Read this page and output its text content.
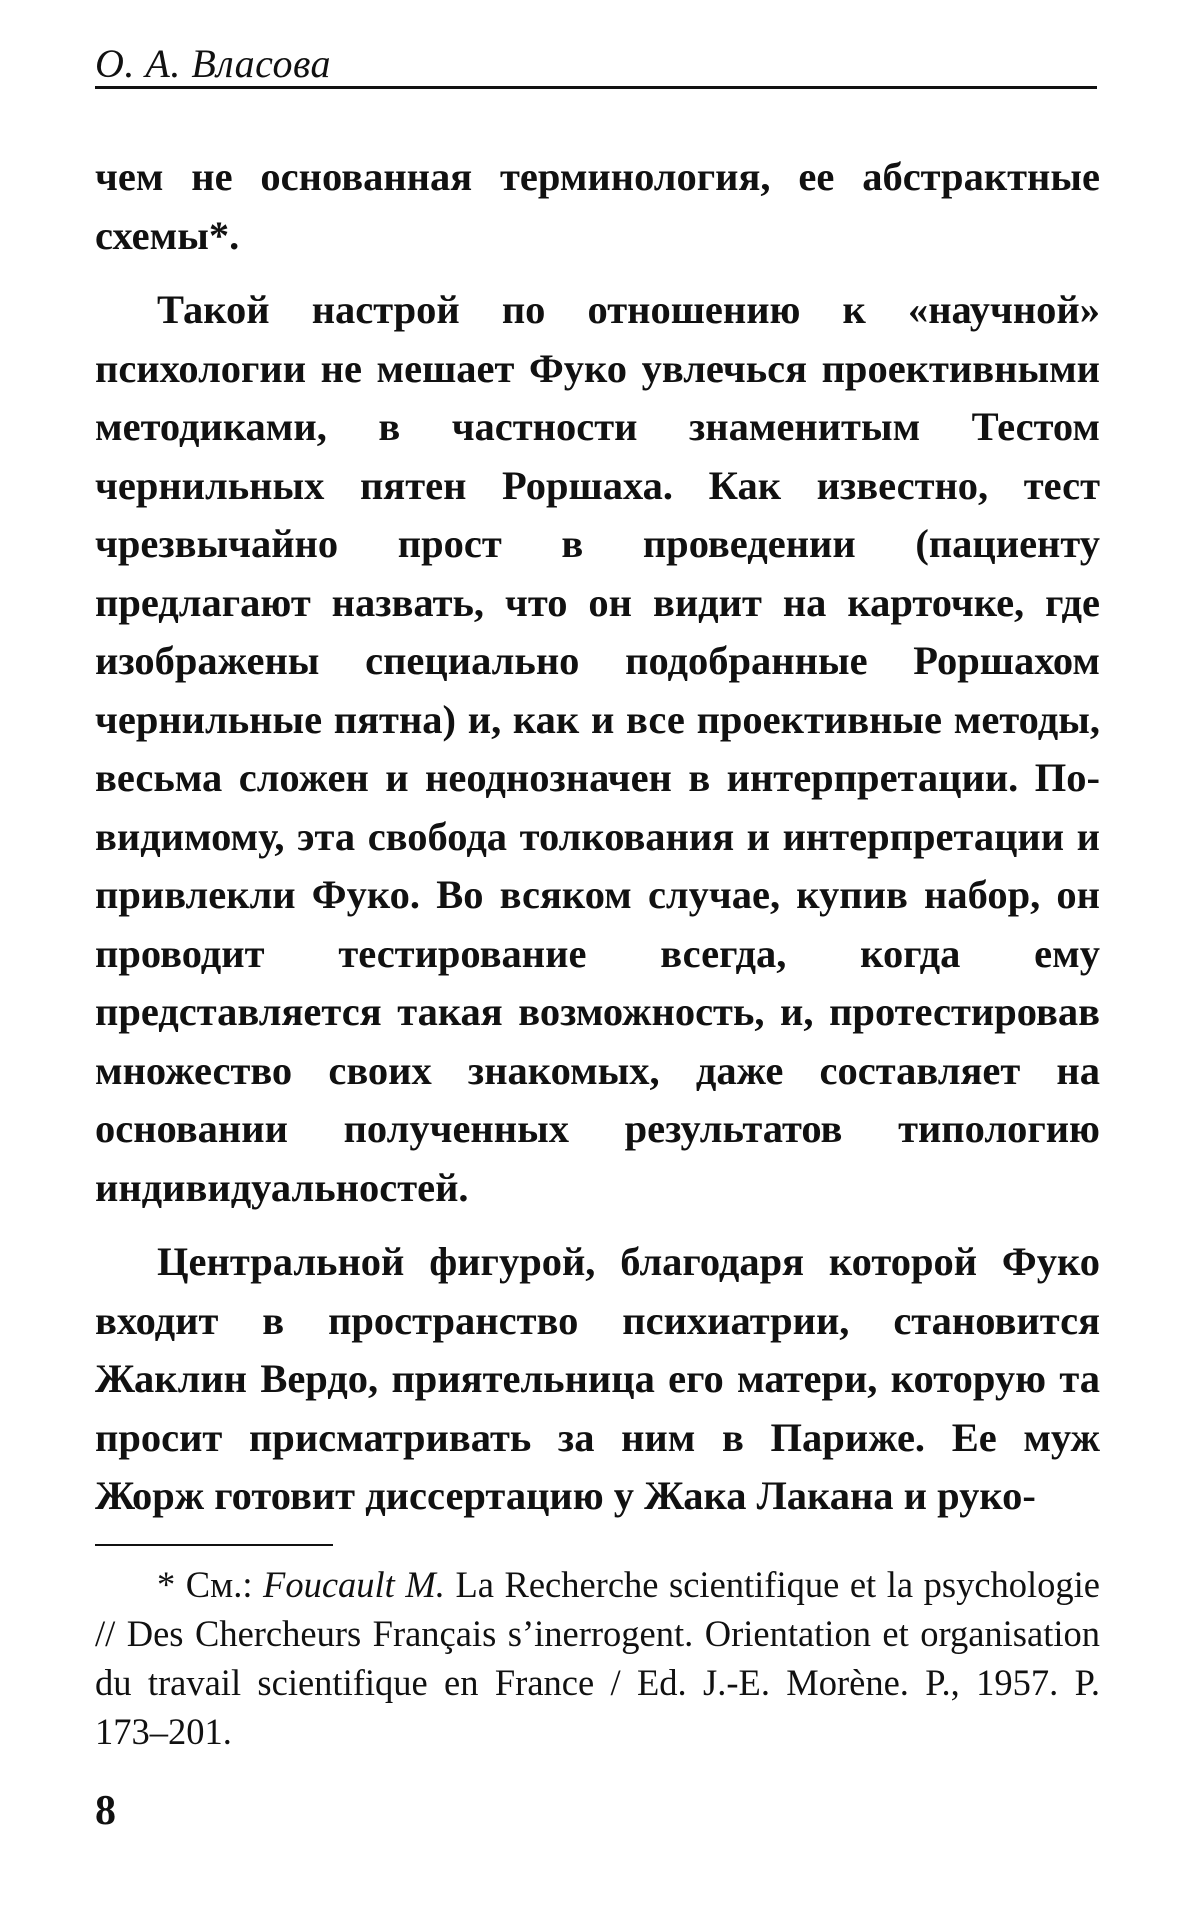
О. А. Власова

чем не основанная терминология, ее абстрактные схемы*.

Такой настрой по отношению к «научной» психологии не мешает Фуко увлечься проективными методиками, в частности знаменитым Тестом чернильных пятен Роршаха. Как известно, тест чрезвычайно прост в проведении (пациенту предлагают назвать, что он видит на карточке, где изображены специально подобранные Роршахом чернильные пятна) и, как и все проективные методы, весьма сложен и неоднозначен в интерпретации. По-видимому, эта свобода толкования и интерпретации и привлекли Фуко. Во всяком случае, купив набор, он проводит тестирование всегда, когда ему представляется такая возможность, и, протестировав множество своих знакомых, даже составляет на основании полученных результатов типологию индивидуальностей.

Центральной фигурой, благодаря которой Фуко входит в пространство психиатрии, становится Жаклин Вердо, приятельница его матери, которую та просит присматривать за ним в Париже. Ее муж Жорж готовит диссертацию у Жака Лакана и руко-

* См.: Foucault M. La Recherche scientifique et la psychologie // Des Chercheurs Français s’inerrogent. Orientation et organisation du travail scientifique en France / Ed. J.-E. Morène. P., 1957. P. 173–201.

8
